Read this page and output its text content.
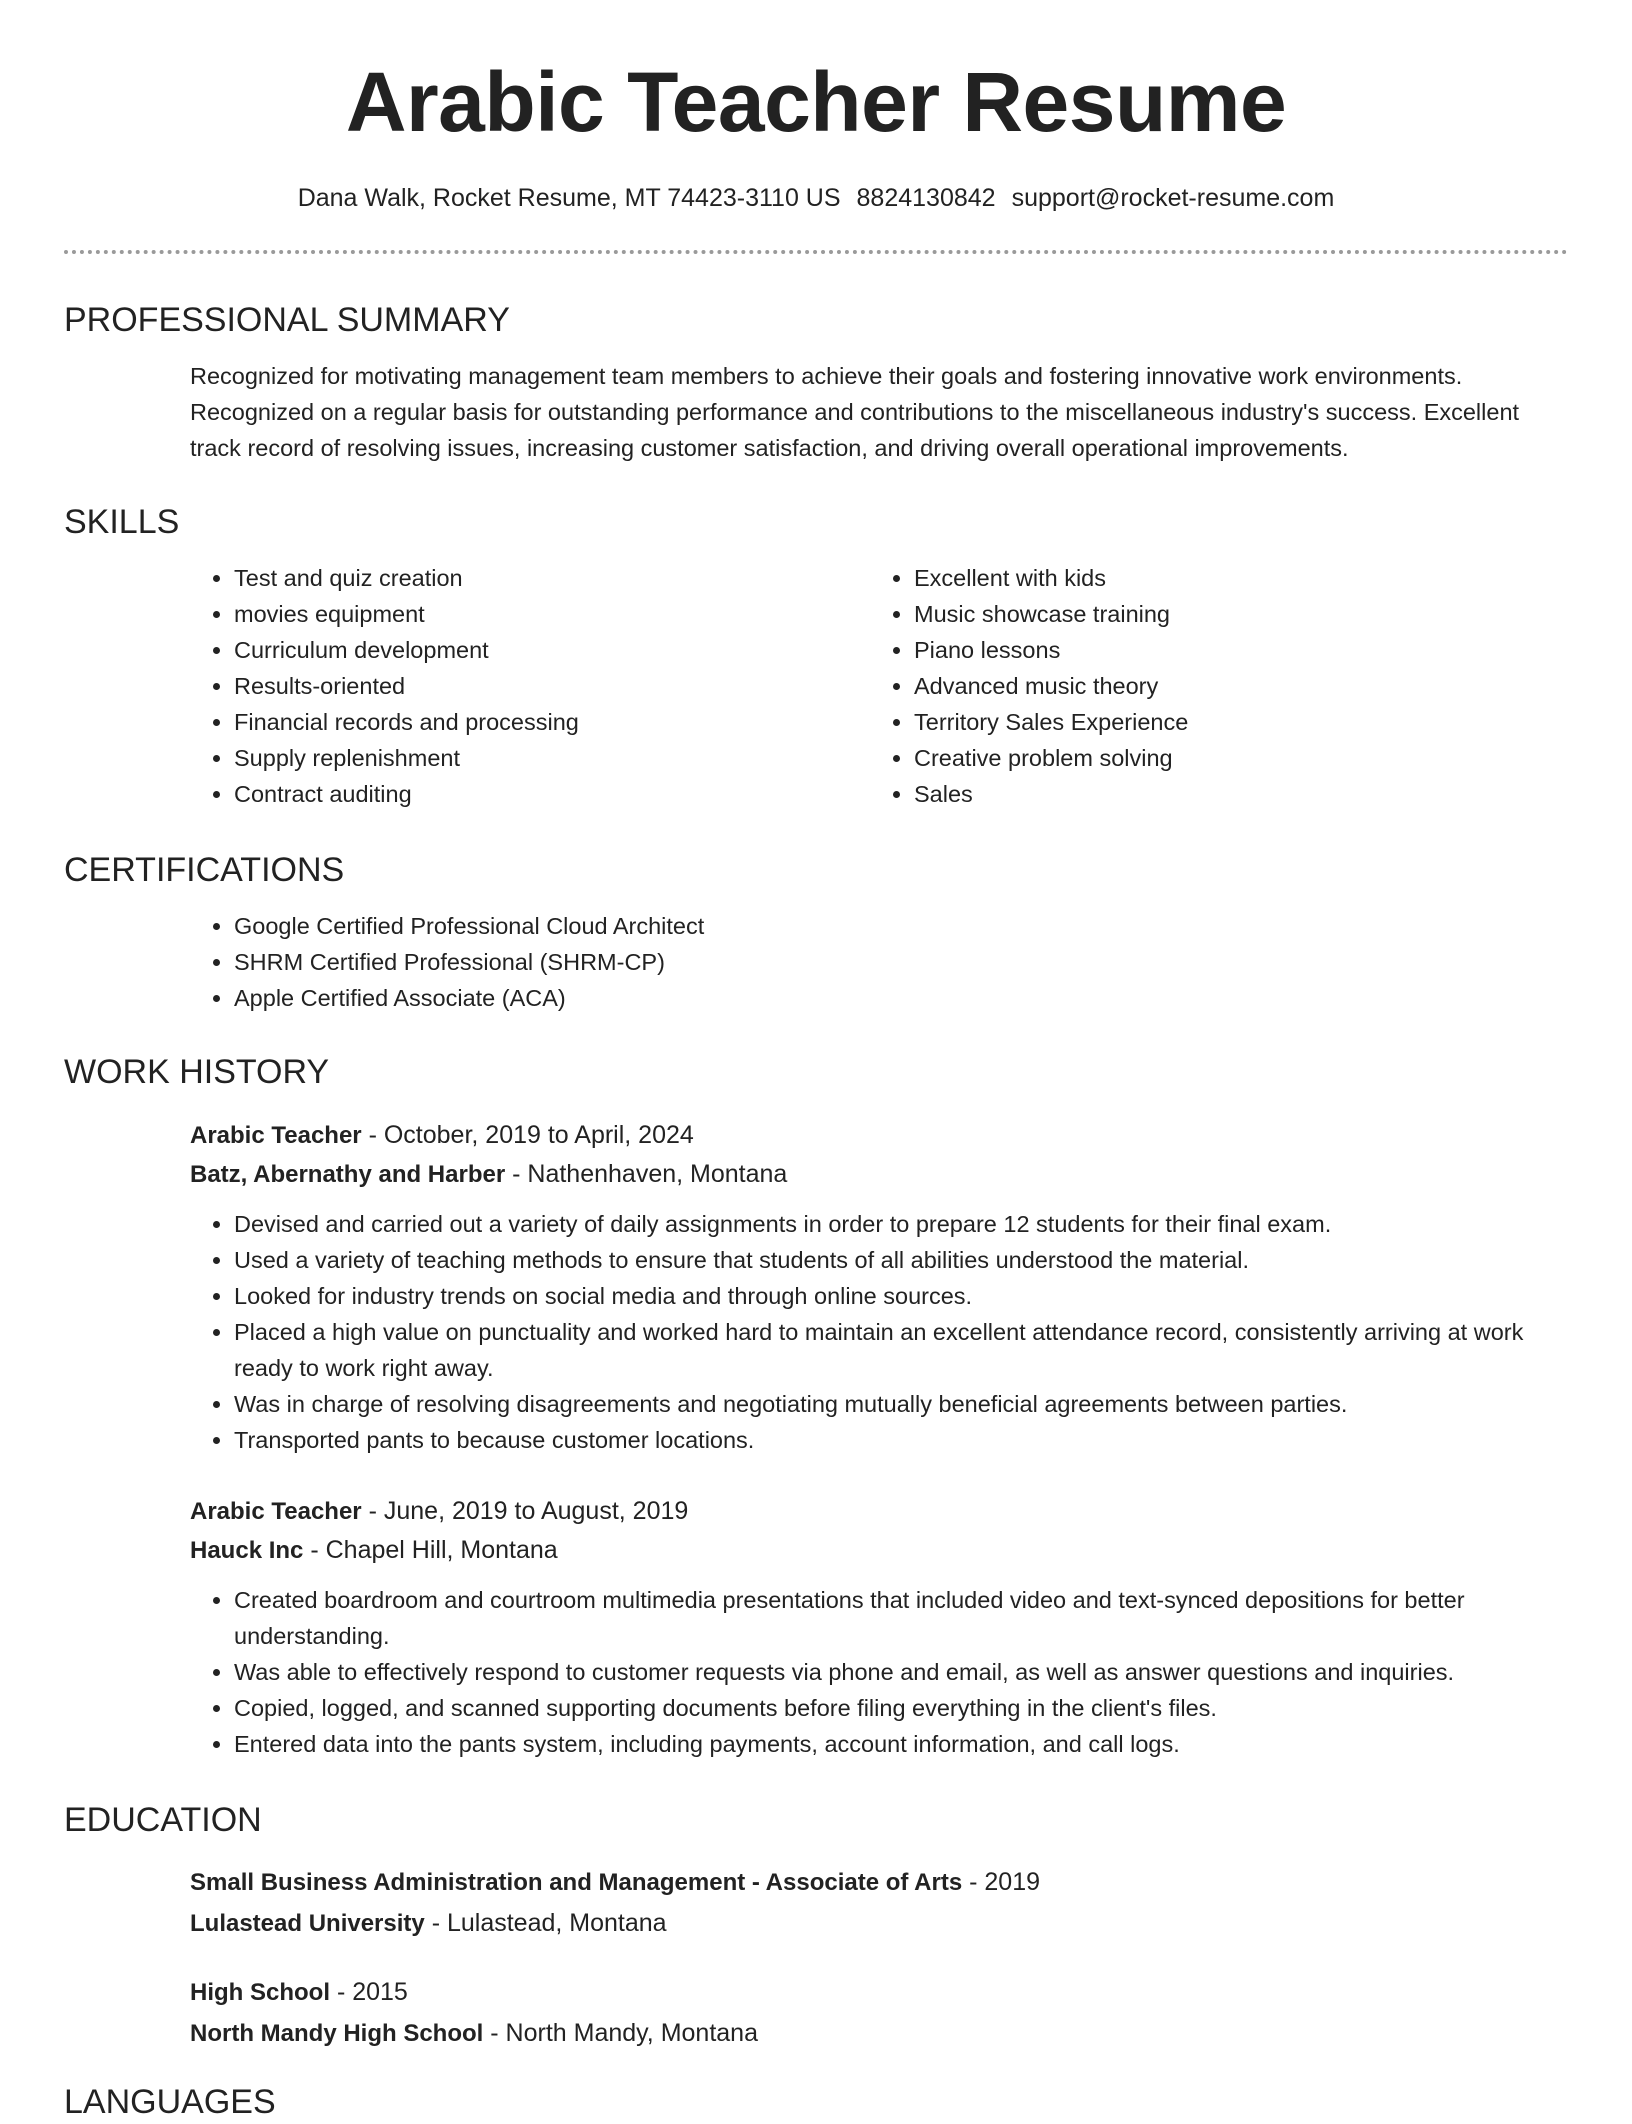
Arabic Teacher Resume
Dana Walk, Rocket Resume, MT 74423-3110 US 8824130842 support@rocket-resume.com
PROFESSIONAL SUMMARY
Recognized for motivating management team members to achieve their goals and fostering innovative work environments. Recognized on a regular basis for outstanding performance and contributions to the miscellaneous industry's success. Excellent track record of resolving issues, increasing customer satisfaction, and driving overall operational improvements.
SKILLS
• Test and quiz creation
• movies equipment
• Curriculum development
• Results-oriented
• Financial records and processing
• Supply replenishment
• Contract auditing
• Excellent with kids
• Music showcase training
• Piano lessons
• Advanced music theory
• Territory Sales Experience
• Creative problem solving
• Sales
CERTIFICATIONS
• Google Certified Professional Cloud Architect
• SHRM Certified Professional (SHRM-CP)
• Apple Certified Associate (ACA)
WORK HISTORY
Arabic Teacher - October, 2019 to April, 2024
Batz, Abernathy and Harber - Nathenhaven, Montana
• Devised and carried out a variety of daily assignments in order to prepare 12 students for their final exam.
• Used a variety of teaching methods to ensure that students of all abilities understood the material.
• Looked for industry trends on social media and through online sources.
• Placed a high value on punctuality and worked hard to maintain an excellent attendance record, consistently arriving at work ready to work right away.
• Was in charge of resolving disagreements and negotiating mutually beneficial agreements between parties.
• Transported pants to because customer locations.
Arabic Teacher - June, 2019 to August, 2019
Hauck Inc - Chapel Hill, Montana
• Created boardroom and courtroom multimedia presentations that included video and text-synced depositions for better understanding.
• Was able to effectively respond to customer requests via phone and email, as well as answer questions and inquiries.
• Copied, logged, and scanned supporting documents before filing everything in the client's files.
• Entered data into the pants system, including payments, account information, and call logs.
EDUCATION
Small Business Administration and Management - Associate of Arts - 2019
Lulastead University - Lulastead, Montana
High School - 2015
North Mandy High School - North Mandy, Montana
LANGUAGES
